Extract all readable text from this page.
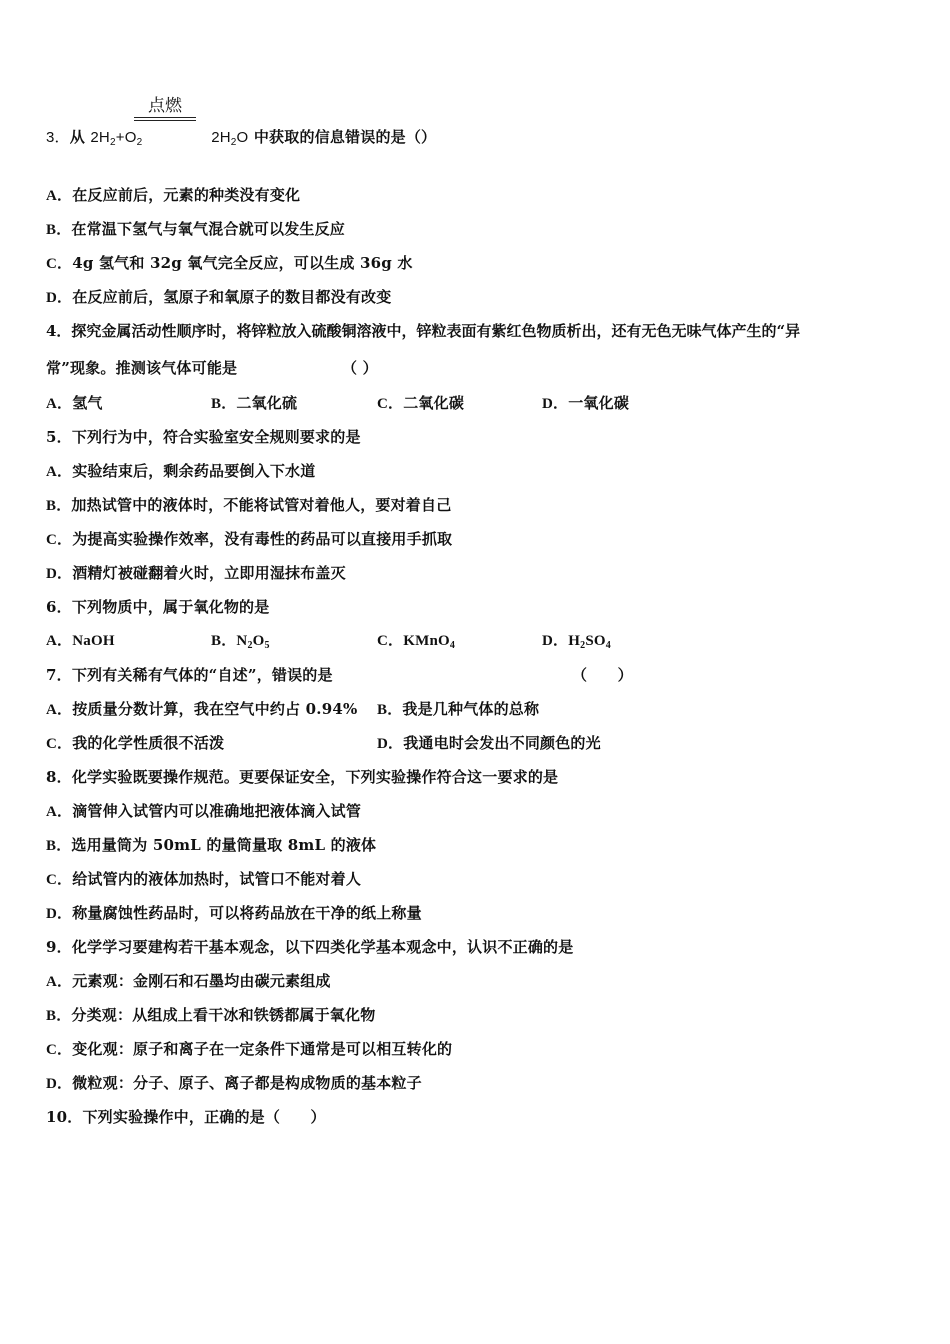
点燃
3．从 $2H_2+O_2$	$2H_2O$ 中获取的信息错误的是（）
A．在反应前后，元素的种类没有变化
B．在常温下氢气与氧气混合就可以发生反应
C．4g 氢气和 32g 氧气完全反应，可以生成 36g 水
D．在反应前后，氢原子和氧原子的数目都没有改变
4．探究金属活动性顺序时，将锌粒放入硫酸铜溶液中，锌粒表面有紫红色物质析出，还有无色无味气体产生的“异
常”现象。推测该气体可能是	（ ）
A．氢气	B．二氧化硫	C．二氧化碳	D．一氧化碳
5．下列行为中，符合实验室安全规则要求的是
A．实验结束后，剩余药品要倒入下水道
B．加热试管中的液体时，不能将试管对着他人，要对着自己
C．为提高实验操作效率，没有毒性的药品可以直接用手抓取
D．酒精灯被碰翻着火时，立即用湿抹布盖灭
6．下列物质中，属于氧化物的是
A．NaOH	B．$N_2O_5$	C．KMnO$_4$	D．$H_2SO_4$
7．下列有关稀有气体的“自述”，错误的是	（　　）
A．按质量分数计算，我在空气中约占 0.94% B．我是几种气体的总称
C．我的化学性质很不活泼	D．我通电时会发出不同颜色的光
8．化学实验既要操作规范。更要保证安全，下列实验操作符合这一要求的是
A．滴管伸入试管内可以准确地把液体滴入试管
B．选用量筒为 50mL 的量筒量取 8mL 的液体
C．给试管内的液体加热时，试管口不能对着人
D．称量腐蚀性药品时，可以将药品放在干净的纸上称量
9．化学学习要建构若干基本观念，以下四类化学基本观念中，认识不正确的是
A．元素观：金刚石和石墨均由碳元素组成
B．分类观：从组成上看干冰和铁锈都属于氧化物
C．变化观：原子和离子在一定条件下通常是可以相互转化的
D．微粒观：分子、原子、离子都是构成物质的基本粒子
10．下列实验操作中，正确的是（　　）
